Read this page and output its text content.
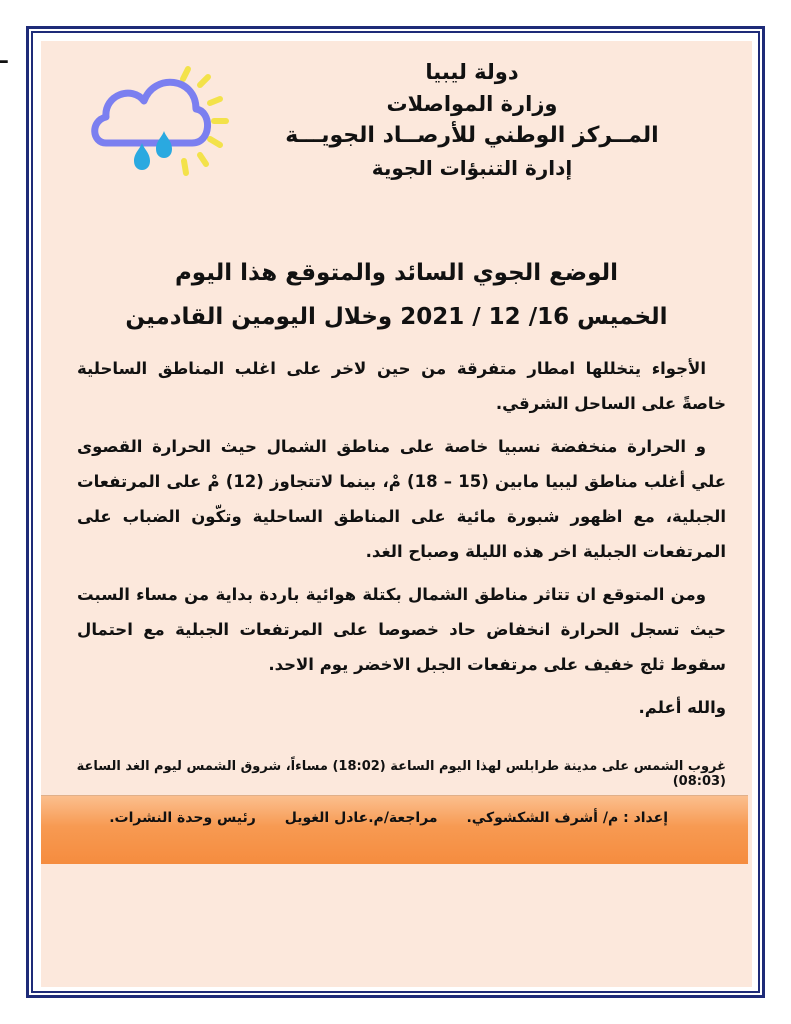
ـ
دولة ليبيا
وزارة المواصلات
المــركز الوطني للأرصــاد الجويـــة
إدارة التنبؤات الجوية
الوضع الجوي السائد والمتوقع هذا اليوم
الخميس 16/ 12 / 2021 وخلال اليومين القادمين

الأجواء يتخللها امطار متفرقة من حين لاخر على اغلب المناطق الساحلية خاصةً على الساحل الشرقي.

و الحرارة منخفضة نسبيا خاصة على مناطق الشمال حيث الحرارة القصوى علي أغلب مناطق ليبيا مابين (15 – 18) مْ، بينما لاتتجاوز (12) مْ على المرتفعات الجبلية، مع اظهور شبورة مائية على المناطق الساحلية وتكّون الضباب على المرتفعات الجبلية اخر هذه الليلة وصباح الغد.

ومن المتوقع ان تتاثر مناطق الشمال بكتلة هوائية باردة بداية من مساء السبت حيث تسجل الحرارة انخفاض حاد خصوصا على المرتفعات الجبلية مع احتمال سقوط ثلج خفيف على مرتفعات الجبل الاخضر يوم الاحد.

والله أعلم.

غروب الشمس على مدينة طرابلس لهذا اليوم الساعة (18:02) مساءاً، شروق الشمس ليوم الغد الساعة (08:03)
إعداد : م/ أشرف الشكشوكي. مراجعة/م.عادل الغويل رئيس وحدة النشرات.
